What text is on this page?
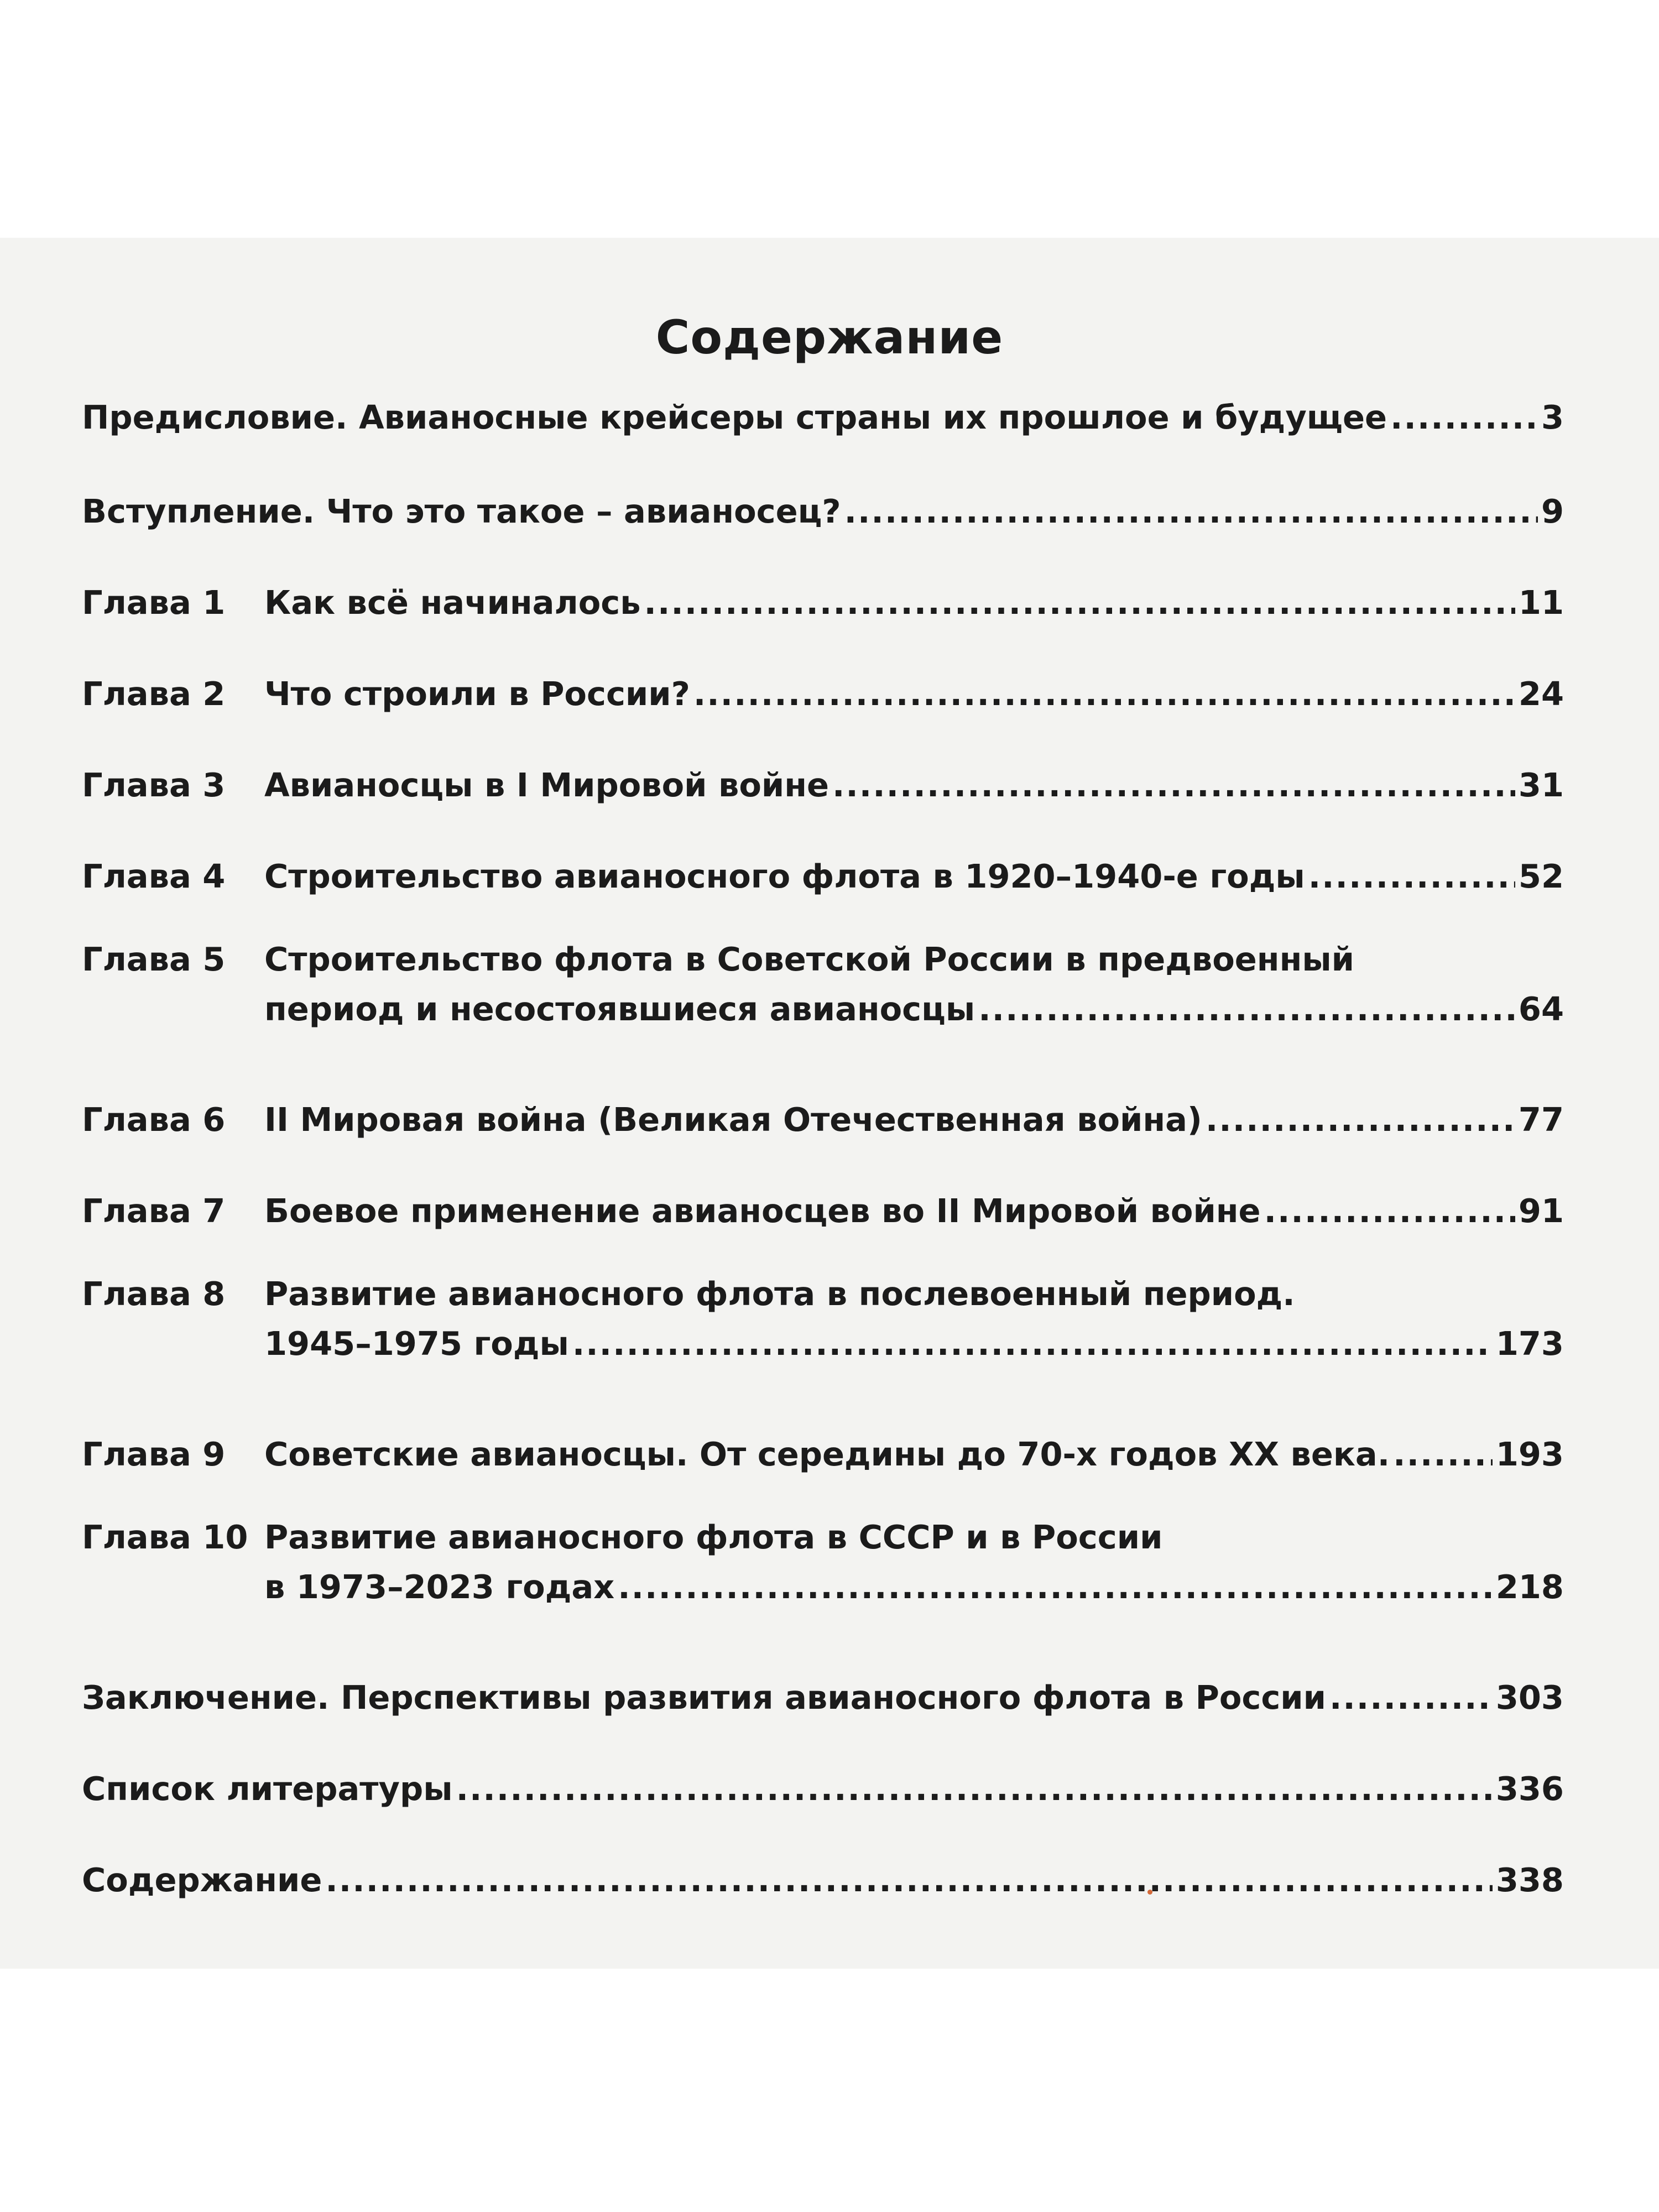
Содержание
Предисловие. Авианосные крейсеры страны их прошлое и будущее .....	3
Вступление. Что это такое – авианосец? .....	9
Глава 1	Как всё начиналось .....	11
Глава 2	Что строили в России? .....	24
Глава 3	Авианосцы в I Мировой войне .....	31
Глава 4	Строительство авианосного флота в 1920–1940-е годы .....	52
Глава 5	Строительство флота в Советской России в предвоенный
период и несостоявшиеся авианосцы .....	64
Глава 6	II Мировая война (Великая Отечественная война) .....	77
Глава 7	Боевое применение авианосцев во II Мировой войне .....	91
Глава 8	Развитие авианосного флота в послевоенный период.
1945–1975 годы .....	173
Глава 9	Советские авианосцы. От середины до 70-х годов XX века. .....	193
Глава 10 Развитие авианосного флота в СССР и в России
в 1973–2023 годах .....	218
Заключение. Перспективы развития авианосного флота в России .....	303
Список литературы .....	336
Содержание .....	338
